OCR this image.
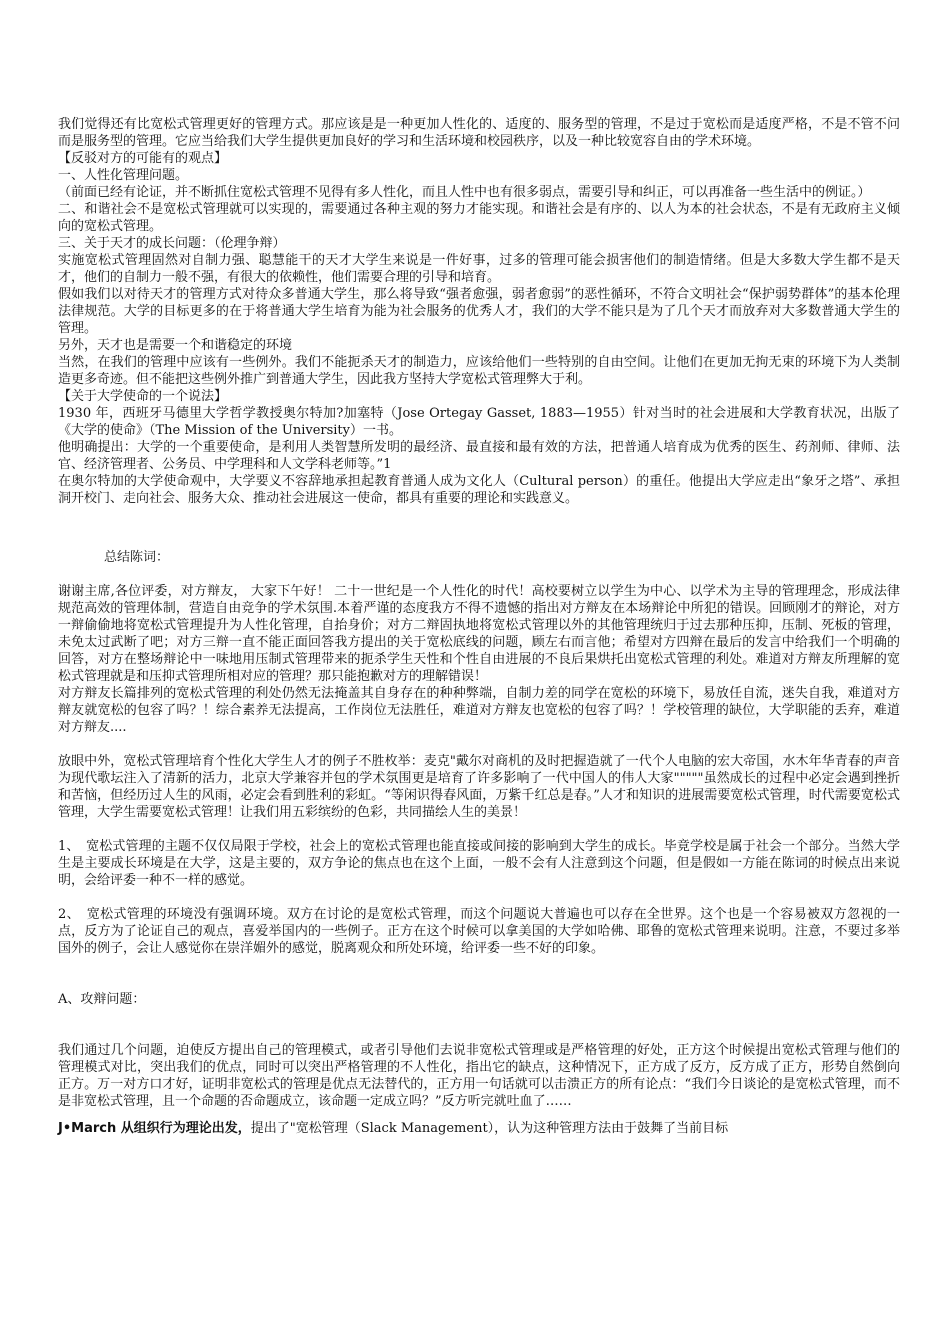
我们觉得还有比宽松式管理更好的管理方式。那应该是是一种更加人性化的、适度的、服务型的管理，不是过于宽松而是适度严格，不是不管不问而是服务型的管理。它应当给我们大学生提供更加良好的学习和生活环境和校园秩序，以及一种比较宽容自由的学术环境。

【反驳对方的可能有的观点】

一、人性化管理问题。

（前面已经有论证，并不断抓住宽松式管理不见得有多人性化，而且人性中也有很多弱点，需要引导和纠正，可以再准备一些生活中的例证。）

二、和谐社会不是宽松式管理就可以实现的，需要通过各种主观的努力才能实现。和谐社会是有序的、以人为本的社会状态，不是有无政府主义倾向的宽松式管理。

三、关于天才的成长问题：（伦理争辩）

实施宽松式管理固然对自制力强、聪慧能干的天才大学生来说是一件好事，过多的管理可能会损害他们的制造情绪。但是大多数大学生都不是天才，他们的自制力一般不强，有很大的依赖性，他们需要合理的引导和培育。

假如我们以对待天才的管理方式对待众多普通大学生，那么将导致“强者愈强，弱者愈弱”的恶性循环，不符合文明社会“保护弱势群体”的基本伦理法律规范。大学的目标更多的在于将普通大学生培育为能为社会服务的优秀人才，我们的大学不能只是为了几个天才而放弃对大多数普通大学生的管理。

另外，天才也是需要一个和谐稳定的环境

当然，在我们的管理中应该有一些例外。我们不能扼杀天才的制造力，应该给他们一些特别的自由空间。让他们在更加无拘无束的环境下为人类制造更多奇迹。但不能把这些例外推广到普通大学生，因此我方坚持大学宽松式管理弊大于利。

【关于大学使命的一个说法】

1930 年，西班牙马德里大学哲学教授奥尔特加?加塞特（Jose Ortegay Gasset, 1883—1955）针对当时的社会进展和大学教育状况，出版了《大学的使命》（The Mission of the University）一书。

他明确提出：大学的一个重要使命，是利用人类智慧所发明的最经济、最直接和最有效的方法，把普通人培育成为优秀的医生、药剂师、律师、法官、经济管理者、公务员、中学理科和人文学科老师等。”1

在奥尔特加的大学使命观中，大学要义不容辞地承担起教育普通人成为文化人（Cultural person）的重任。他提出大学应走出“象牙之塔”、承担洞开校门、走向社会、服务大众、推动社会进展这一使命，都具有重要的理论和实践意义。

总结陈词：

谢谢主席,各位评委，对方辩友， 大家下午好！ 二十一世纪是一个人性化的时代！高校要树立以学生为中心、以学术为主导的管理理念，形成法律规范高效的管理体制，营造自由竞争的学术氛围.本着严谨的态度我方不得不遗憾的指出对方辩友在本场辩论中所犯的错误。回顾刚才的辩论，对方一辩偷偷地将宽松式管理提升为人性化管理，自抬身价；对方二辩固执地将宽松式管理以外的其他管理统归于过去那种压抑，压制、死板的管理，未免太过武断了吧；对方三辩一直不能正面回答我方提出的关于宽松底线的问题，顾左右而言他；希望对方四辩在最后的发言中给我们一个明确的回答，对方在整场辩论中一味地用压制式管理带来的扼杀学生天性和个性自由进展的不良后果烘托出宽松式管理的利处。难道对方辩友所理解的宽松式管理就是和压抑式管理所相对应的管理？那只能抱歉对方的理解错误！

对方辩友长篇排列的宽松式管理的利处仍然无法掩盖其自身存在的种种弊端，自制力差的同学在宽松的环境下，易放任自流，迷失自我，难道对方辩友就宽松的包容了吗？！综合素养无法提高，工作岗位无法胜任，难道对方辩友也宽松的包容了吗？！学校管理的缺位，大学职能的丢弃，难道对方辩友....

放眼中外，宽松式管理培育个性化大学生人才的例子不胜枚举：麦克"戴尔对商机的及时把握造就了一代个人电脑的宏大帝国，水木年华青春的声音为现代歌坛注入了清新的活力，北京大学兼容并包的学术氛围更是培育了许多影响了一代中国人的伟人大家"""""虽然成长的过程中必定会遇到挫折和苦恼，但经历过人生的风雨，必定会看到胜利的彩虹。“等闲识得春风面，万紫千红总是春。”人才和知识的进展需要宽松式管理，时代需要宽松式管理，大学生需要宽松式管理！让我们用五彩缤纷的色彩，共同描绘人生的美景！

1、　宽松式管理的主题不仅仅局限于学校，社会上的宽松式管理也能直接或间接的影响到大学生的成长。毕竟学校是属于社会一个部分。当然大学生是主要成长环境是在大学，这是主要的，双方争论的焦点也在这个上面，一般不会有人注意到这个问题，但是假如一方能在陈词的时候点出来说明，会给评委一种不一样的感觉。

2、　宽松式管理的环境没有强调环境。双方在讨论的是宽松式管理，而这个问题说大普遍也可以存在全世界。这个也是一个容易被双方忽视的一点，反方为了论证自己的观点，喜爱举国内的一些例子。正方在这个时候可以拿美国的大学如哈佛、耶鲁的宽松式管理来说明。注意，不要过多举国外的例子，会让人感觉你在崇洋媚外的感觉，脱离观众和所处环境，给评委一些不好的印象。

A、攻辩问题：

我们通过几个问题，迫使反方提出自己的管理模式，或者引导他们去说非宽松式管理或是严格管理的好处，正方这个时候提出宽松式管理与他们的管理模式对比，突出我们的优点，同时可以突出严格管理的不人性化，指出它的缺点，这种情况下，正方成了反方，反方成了正方，形势自然倒向正方。万一对方口才好，证明非宽松式的管理是优点无法替代的，正方用一句话就可以击溃正方的所有论点：“我们今日谈论的是宽松式管理，而不是非宽松式管理，且一个命题的否命题成立，该命题一定成立吗？”反方听完就吐血了……

J•March 从组织行为理论出发，提出了"宽松管理（Slack Management），认为这种管理方法由于鼓舞了当前目标
